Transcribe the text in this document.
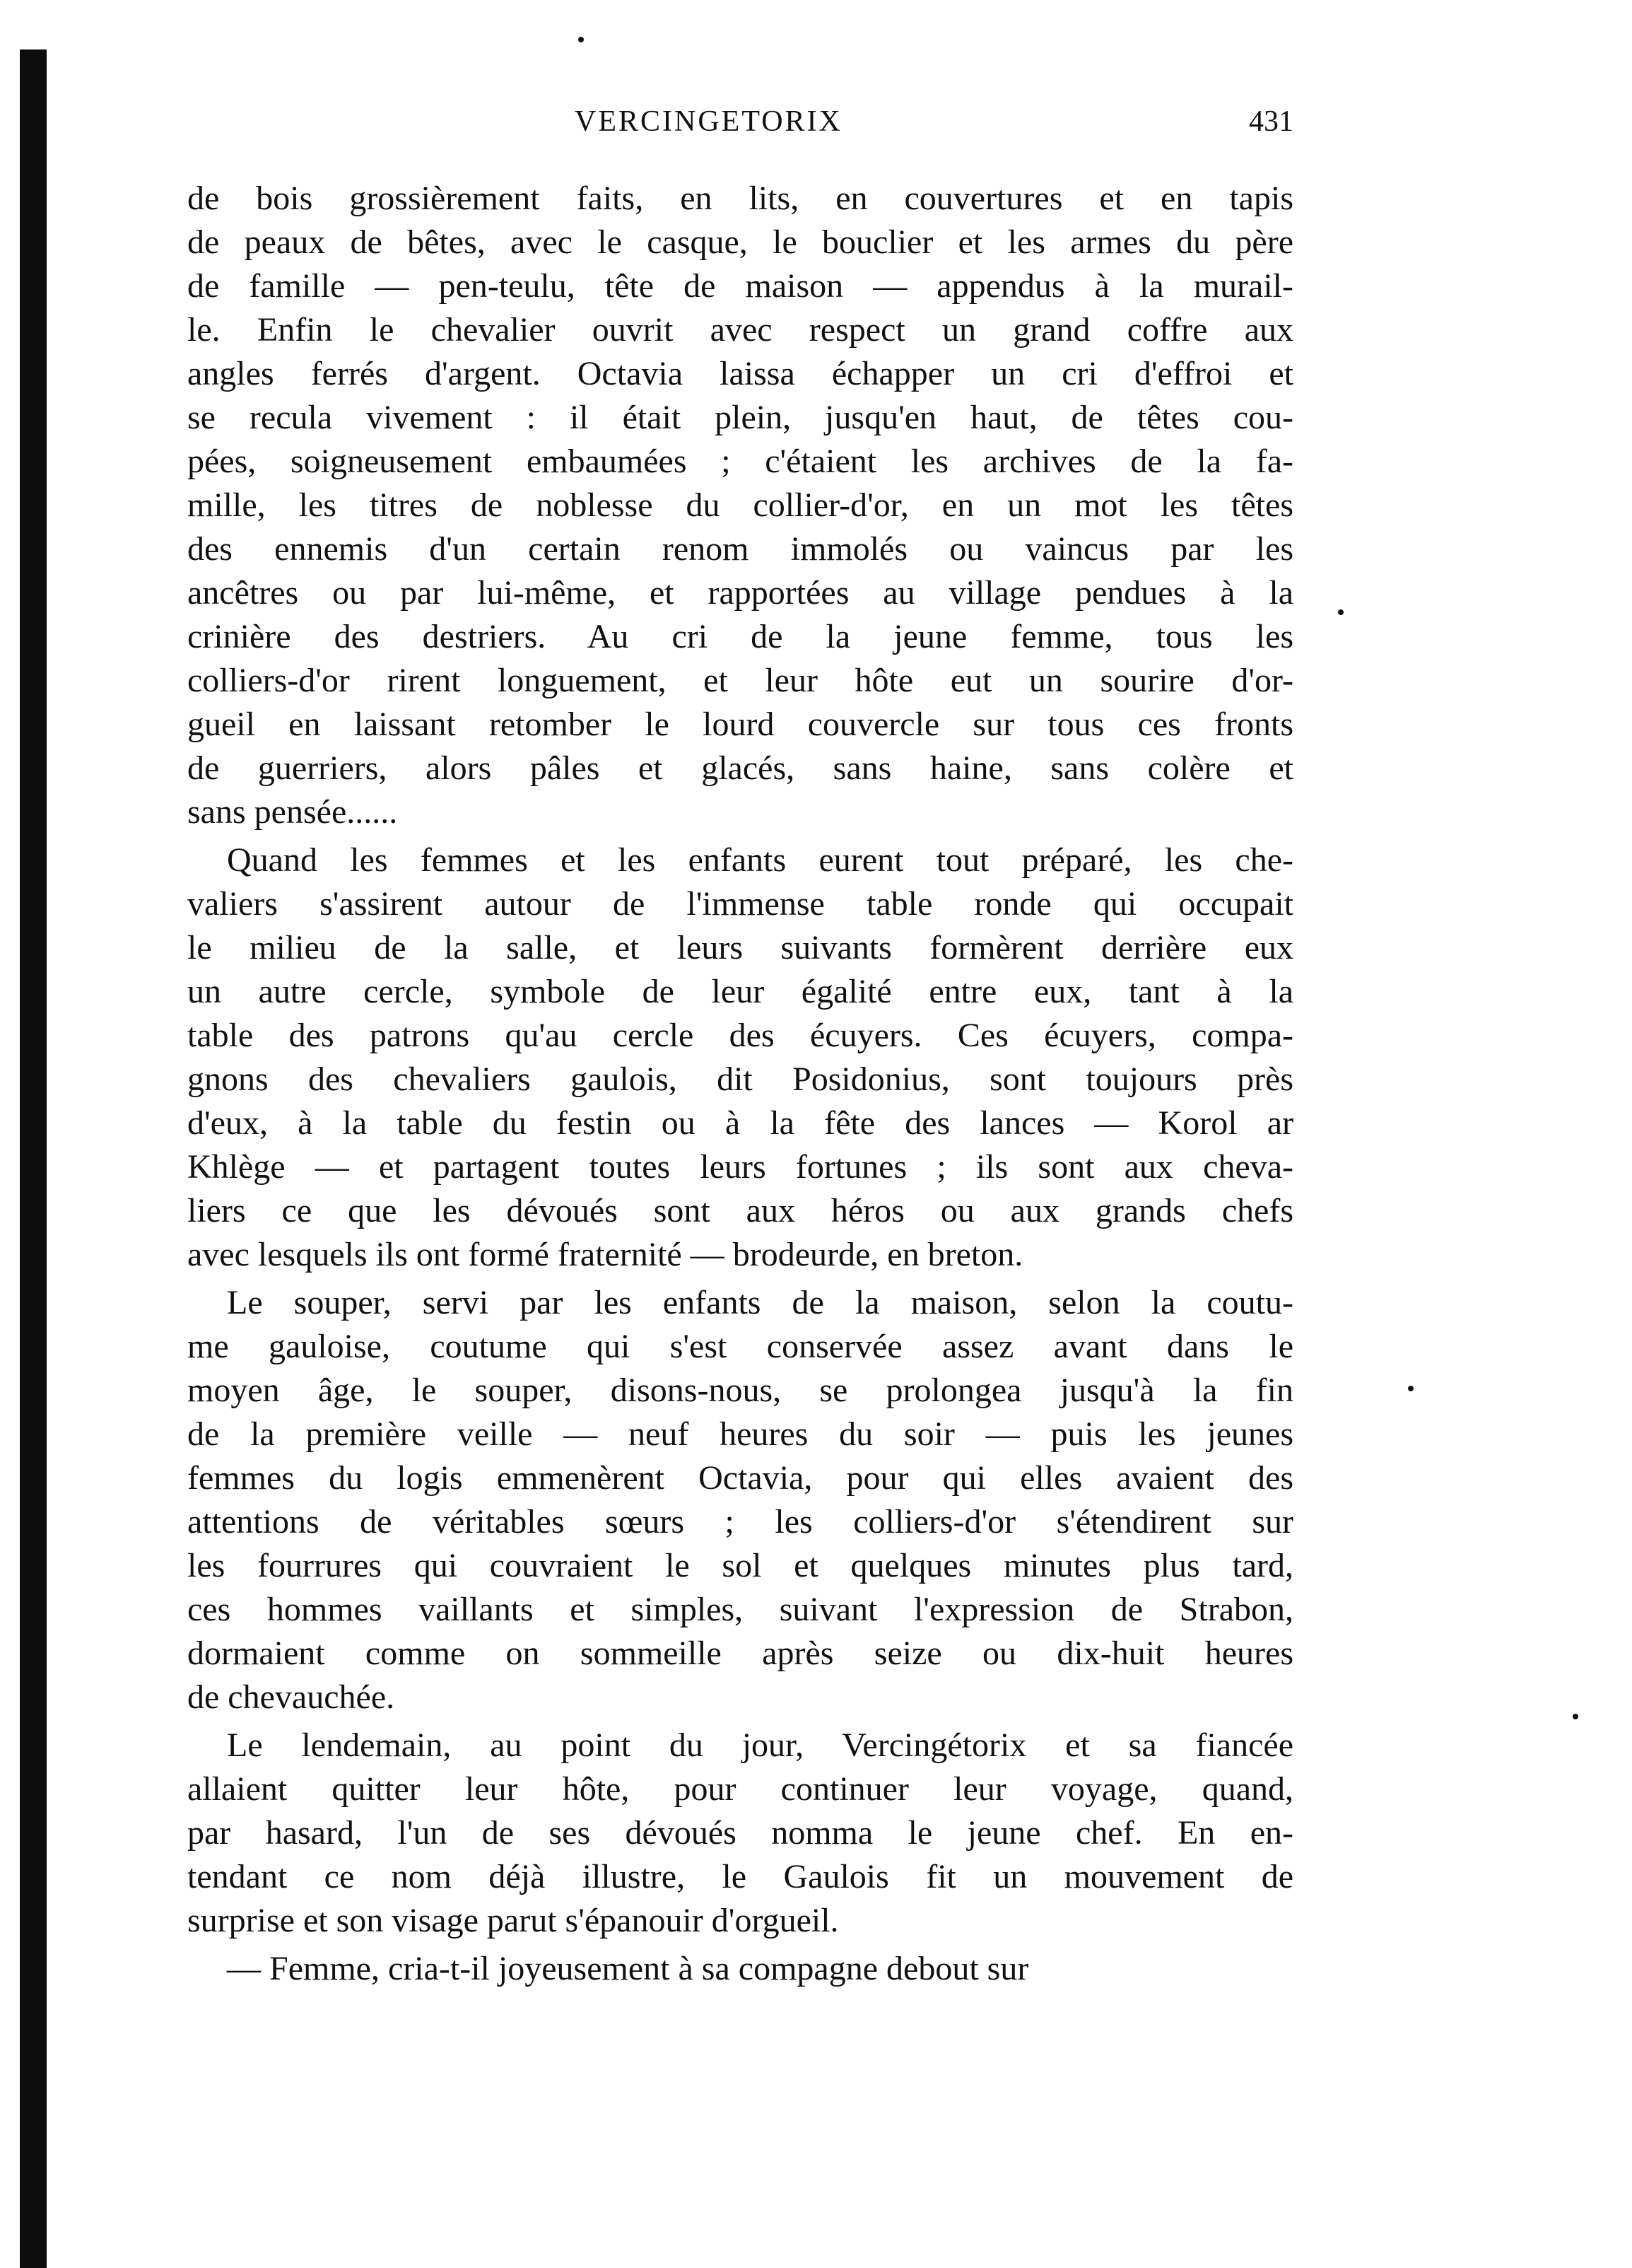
VERCINGETORIX	431
de bois grossièrement faits, en lits, en couvertures et en tapis
de peaux de bêtes, avec le casque, le bouclier et les armes du père
de famille — pen-teulu, tête de maison — appendus à la murail-
le. Enfin le chevalier ouvrit avec respect un grand coffre aux
angles ferrés d'argent. Octavia laissa échapper un cri d'effroi et
se recula vivement : il était plein, jusqu'en haut, de têtes cou-
pées, soigneusement embaumées ; c'étaient les archives de la fa-
mille, les titres de noblesse du collier-d'or, en un mot les têtes
des ennemis d'un certain renom immolés ou vaincus par les
ancêtres ou par lui-même, et rapportées au village pendues à la
crinière des destriers. Au cri de la jeune femme, tous les
colliers-d'or rirent longuement, et leur hôte eut un sourire d'or-
gueil en laissant retomber le lourd couvercle sur tous ces fronts
de guerriers, alors pâles et glacés, sans haine, sans colère et
sans pensée......
Quand les femmes et les enfants eurent tout préparé, les che-
valiers s'assirent autour de l'immense table ronde qui occupait
le milieu de la salle, et leurs suivants formèrent derrière eux
un autre cercle, symbole de leur égalité entre eux, tant à la
table des patrons qu'au cercle des écuyers. Ces écuyers, compa-
gnons des chevaliers gaulois, dit Posidonius, sont toujours près
d'eux, à la table du festin ou à la fête des lances — Korol ar
Khlège — et partagent toutes leurs fortunes ; ils sont aux cheva-
liers ce que les dévoués sont aux héros ou aux grands chefs
avec lesquels ils ont formé fraternité — brodeurde, en breton.
Le souper, servi par les enfants de la maison, selon la coutu-
me gauloise, coutume qui s'est conservée assez avant dans le
moyen âge, le souper, disons-nous, se prolongea jusqu'à la fin
de la première veille — neuf heures du soir — puis les jeunes
femmes du logis emmenèrent Octavia, pour qui elles avaient des
attentions de véritables sœurs ; les colliers-d'or s'étendirent sur
les fourrures qui couvraient le sol et quelques minutes plus tard,
ces hommes vaillants et simples, suivant l'expression de Strabon,
dormaient comme on sommeille après seize ou dix-huit heures
de chevauchée.
Le lendemain, au point du jour, Vercingétorix et sa fiancée
allaient quitter leur hôte, pour continuer leur voyage, quand,
par hasard, l'un de ses dévoués nomma le jeune chef. En en-
tendant ce nom déjà illustre, le Gaulois fit un mouvement de
surprise et son visage parut s'épanouir d'orgueil.
— Femme, cria-t-il joyeusement à sa compagne debout sur
